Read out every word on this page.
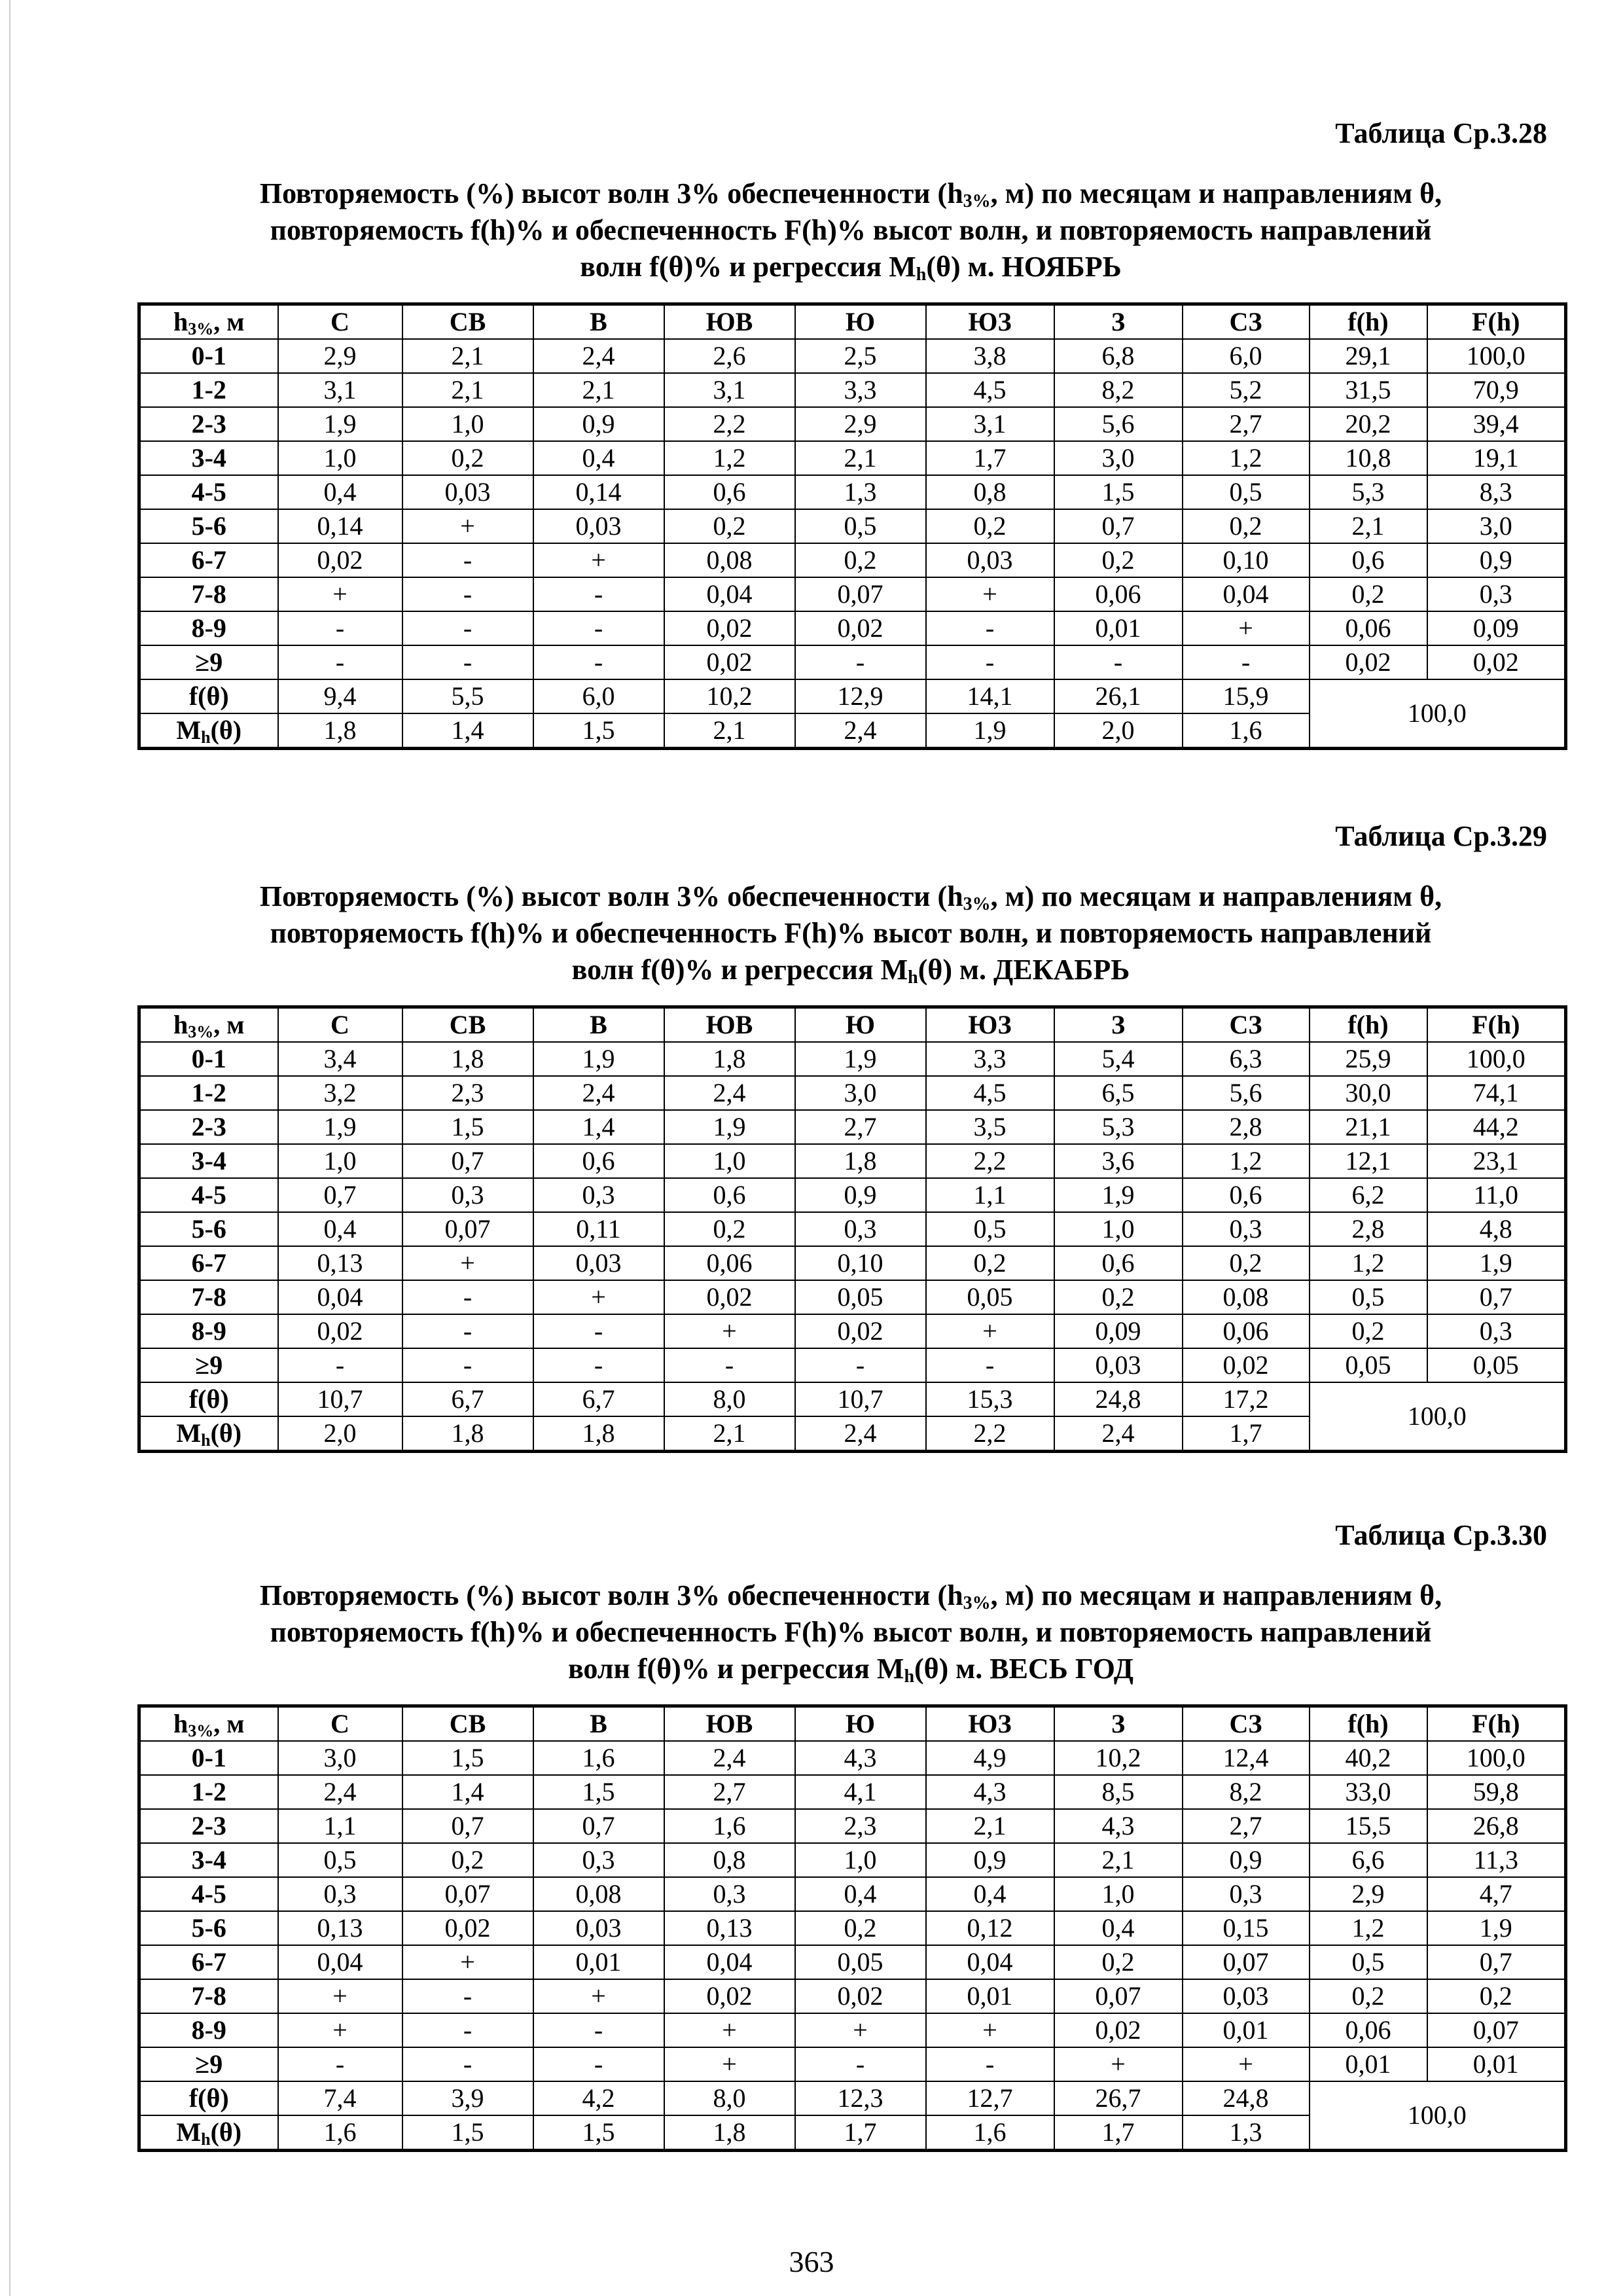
Таблица Ср.3.28
Повторяемость (%) высот волн 3% обеспеченности ($h_{3\%}$, м) по месяцам и направлениям θ,
повторяемость f(h)% и обеспеченность F(h)% высот волн, и повторяемость направлений
волн f(θ)% и регрессия $M_h(\theta)$ м. НОЯБРЬ
$h_{3\%}$, м	С	СВ	В	ЮВ	Ю	ЮЗ	З	СЗ	f(h)	F(h)
0-1	2,9	2,1	2,4	2,6	2,5	3,8	6,8	6,0	29,1	100,0
1-2	3,1	2,1	2,1	3,1	3,3	4,5	8,2	5,2	31,5	70,9
2-3	1,9	1,0	0,9	2,2	2,9	3,1	5,6	2,7	20,2	39,4
3-4	1,0	0,2	0,4	1,2	2,1	1,7	3,0	1,2	10,8	19,1
4-5	0,4	0,03	0,14	0,6	1,3	0,8	1,5	0,5	5,3	8,3
5-6	0,14	+	0,03	0,2	0,5	0,2	0,7	0,2	2,1	3,0
6-7	0,02	-	+	0,08	0,2	0,03	0,2	0,10	0,6	0,9
7-8	+	-	-	0,04	0,07	+	0,06	0,04	0,2	0,3
8-9	-	-	-	0,02	0,02	-	0,01	+	0,06	0,09
≥9	-	-	-	0,02	-	-	-	-	0,02	0,02
f(θ)	9,4	5,5	6,0	10,2	12,9	14,1	26,1	15,9	100,0	
$M_h(\theta)$	1,8	1,4	1,5	2,1	2,4	1,9	2,0	1,6		
Таблица Ср.3.29
Повторяемость (%) высот волн 3% обеспеченности ($h_{3\%}$, м) по месяцам и направлениям θ,
повторяемость f(h)% и обеспеченность F(h)% высот волн, и повторяемость направлений
волн f(θ)% и регрессия $M_h(\theta)$ м. ДЕКАБРЬ
$h_{3\%}$, м	С	СВ	В	ЮВ	Ю	ЮЗ	З	СЗ	f(h)	F(h)
0-1	3,4	1,8	1,9	1,8	1,9	3,3	5,4	6,3	25,9	100,0
1-2	3,2	2,3	2,4	2,4	3,0	4,5	6,5	5,6	30,0	74,1
2-3	1,9	1,5	1,4	1,9	2,7	3,5	5,3	2,8	21,1	44,2
3-4	1,0	0,7	0,6	1,0	1,8	2,2	3,6	1,2	12,1	23,1
4-5	0,7	0,3	0,3	0,6	0,9	1,1	1,9	0,6	6,2	11,0
5-6	0,4	0,07	0,11	0,2	0,3	0,5	1,0	0,3	2,8	4,8
6-7	0,13	+	0,03	0,06	0,10	0,2	0,6	0,2	1,2	1,9
7-8	0,04	-	+	0,02	0,05	0,05	0,2	0,08	0,5	0,7
8-9	0,02	-	-	+	0,02	+	0,09	0,06	0,2	0,3
≥9	-	-	-	-	-	-	0,03	0,02	0,05	0,05
f(θ)	10,7	6,7	6,7	8,0	10,7	15,3	24,8	17,2	100,0	
$M_h(\theta)$	2,0	1,8	1,8	2,1	2,4	2,2	2,4	1,7		
Таблица Ср.3.30
Повторяемость (%) высот волн 3% обеспеченности ($h_{3\%}$, м) по месяцам и направлениям θ,
повторяемость f(h)% и обеспеченность F(h)% высот волн, и повторяемость направлений
волн f(θ)% и регрессия $M_h(\theta)$ м. ВЕСЬ ГОД
$h_{3\%}$, м	С	СВ	В	ЮВ	Ю	ЮЗ	З	СЗ	f(h)	F(h)
0-1	3,0	1,5	1,6	2,4	4,3	4,9	10,2	12,4	40,2	100,0
1-2	2,4	1,4	1,5	2,7	4,1	4,3	8,5	8,2	33,0	59,8
2-3	1,1	0,7	0,7	1,6	2,3	2,1	4,3	2,7	15,5	26,8
3-4	0,5	0,2	0,3	0,8	1,0	0,9	2,1	0,9	6,6	11,3
4-5	0,3	0,07	0,08	0,3	0,4	0,4	1,0	0,3	2,9	4,7
5-6	0,13	0,02	0,03	0,13	0,2	0,12	0,4	0,15	1,2	1,9
6-7	0,04	+	0,01	0,04	0,05	0,04	0,2	0,07	0,5	0,7
7-8	+	-	+	0,02	0,02	0,01	0,07	0,03	0,2	0,2
8-9	+	-	-	+	+	+	0,02	0,01	0,06	0,07
≥9	-	-	-	+	-	-	+	+	0,01	0,01
f(θ)	7,4	3,9	4,2	8,0	12,3	12,7	26,7	24,8	100,0	
$M_h(\theta)$	1,6	1,5	1,5	1,8	1,7	1,6	1,7	1,3		
363
